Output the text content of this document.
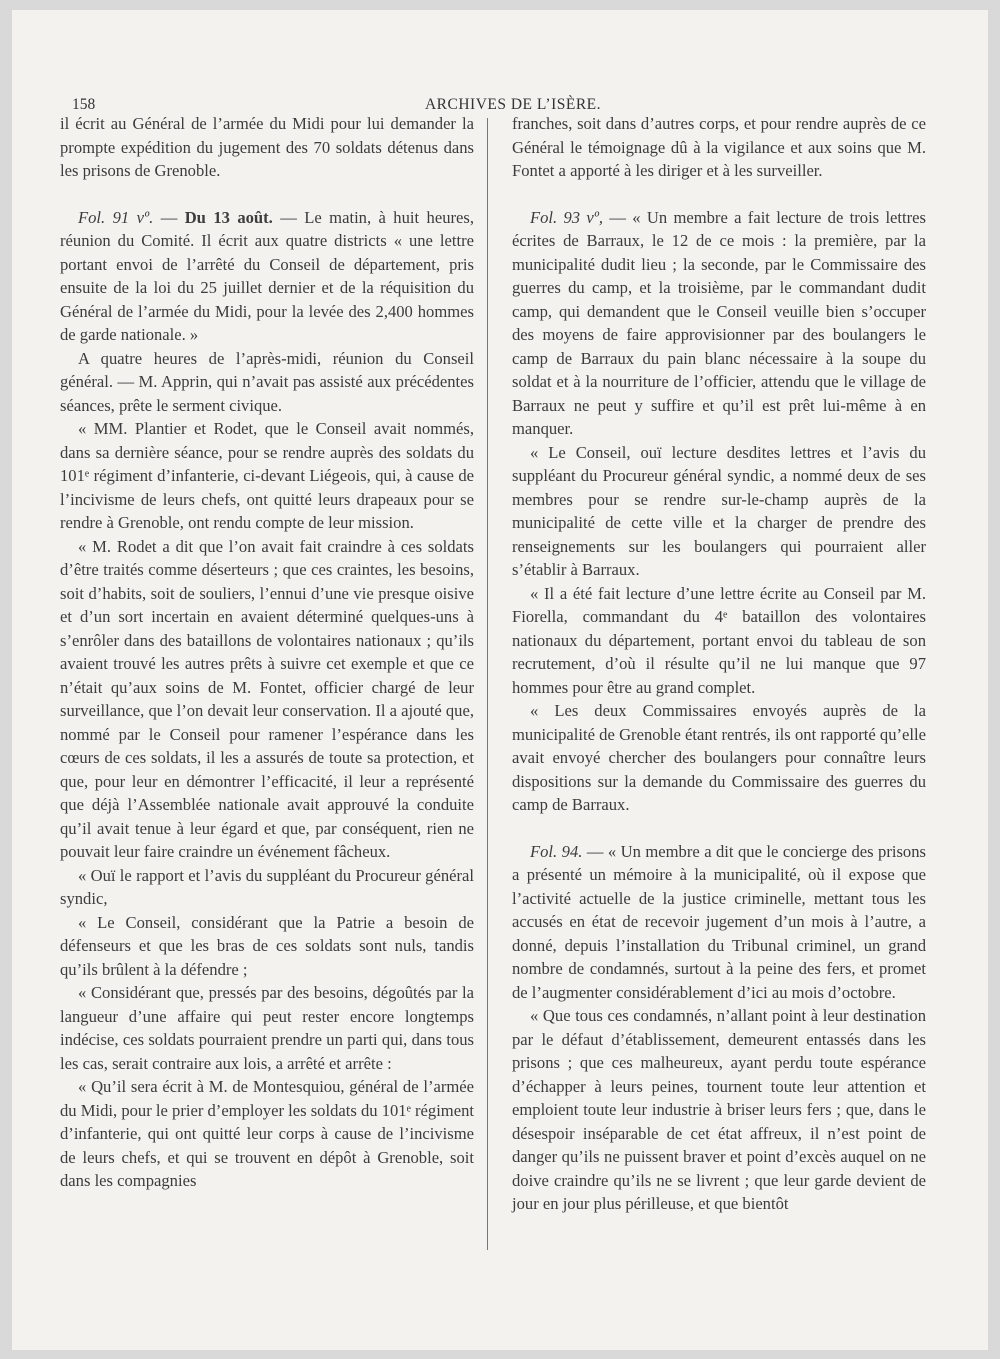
158	ARCHIVES DE L’ISÈRE.

il écrit au Général de l’armée du Midi pour lui demander la prompte expédition du jugement des 70 soldats détenus dans les prisons de Grenoble.

Fol. 91 vº. — Du 13 août. — Le matin, à huit heures, réunion du Comité. Il écrit aux quatre districts « une lettre portant envoi de l’arrêté du Conseil de département, pris ensuite de la loi du 25 juillet dernier et de la réquisition du Général de l’armée du Midi, pour la levée des 2,400 hommes de garde nationale. »

A quatre heures de l’après-midi, réunion du Conseil général. — M. Apprin, qui n’avait pas assisté aux précédentes séances, prête le serment civique.

« MM. Plantier et Rodet, que le Conseil avait nommés, dans sa dernière séance, pour se rendre auprès des soldats du 101ᵉ régiment d’infanterie, ci-devant Liégeois, qui, à cause de l’incivisme de leurs chefs, ont quitté leurs drapeaux pour se rendre à Grenoble, ont rendu compte de leur mission.

« M. Rodet a dit que l’on avait fait craindre à ces soldats d’être traités comme déserteurs ; que ces craintes, les besoins, soit d’habits, soit de souliers, l’ennui d’une vie presque oisive et d’un sort incertain en avaient déterminé quelques-uns à s’enrôler dans des bataillons de volontaires nationaux ; qu’ils avaient trouvé les autres prêts à suivre cet exemple et que ce n’était qu’aux soins de M. Fontet, officier chargé de leur surveillance, que l’on devait leur conservation. Il a ajouté que, nommé par le Conseil pour ramener l’espérance dans les cœurs de ces soldats, il les a assurés de toute sa protection, et que, pour leur en démontrer l’efficacité, il leur a représenté que déjà l’Assemblée nationale avait approuvé la conduite qu’il avait tenue à leur égard et que, par conséquent, rien ne pouvait leur faire craindre un événement fâcheux.

« Ouï le rapport et l’avis du suppléant du Procureur général syndic,

« Le Conseil, considérant que la Patrie a besoin de défenseurs et que les bras de ces soldats sont nuls, tandis qu’ils brûlent à la défendre ;

« Considérant que, pressés par des besoins, dégoûtés par la langueur d’une affaire qui peut rester encore longtemps indécise, ces soldats pourraient prendre un parti qui, dans tous les cas, serait contraire aux lois, a arrêté et arrête :

« Qu’il sera écrit à M. de Montesquiou, général de l’armée du Midi, pour le prier d’employer les soldats du 101ᵉ régiment d’infanterie, qui ont quitté leur corps à cause de l’incivisme de leurs chefs, et qui se trouvent en dépôt à Grenoble, soit dans les compagnies

franches, soit dans d’autres corps, et pour rendre auprès de ce Général le témoignage dû à la vigilance et aux soins que M. Fontet a apporté à les diriger et à les surveiller.

Fol. 93 vº, — « Un membre a fait lecture de trois lettres écrites de Barraux, le 12 de ce mois : la première, par la municipalité dudit lieu ; la seconde, par le Commissaire des guerres du camp, et la troisième, par le commandant dudit camp, qui demandent que le Conseil veuille bien s’occuper des moyens de faire approvisionner par des boulangers le camp de Barraux du pain blanc nécessaire à la soupe du soldat et à la nourriture de l’officier, attendu que le village de Barraux ne peut y suffire et qu’il est prêt lui-même à en manquer.

« Le Conseil, ouï lecture desdites lettres et l’avis du suppléant du Procureur général syndic, a nommé deux de ses membres pour se rendre sur-le-champ auprès de la municipalité de cette ville et la charger de prendre des renseignements sur les boulangers qui pourraient aller s’établir à Barraux.

« Il a été fait lecture d’une lettre écrite au Conseil par M. Fiorella, commandant du 4ᵉ bataillon des volontaires nationaux du département, portant envoi du tableau de son recrutement, d’où il résulte qu’il ne lui manque que 97 hommes pour être au grand complet.

« Les deux Commissaires envoyés auprès de la municipalité de Grenoble étant rentrés, ils ont rapporté qu’elle avait envoyé chercher des boulangers pour connaître leurs dispositions sur la demande du Commissaire des guerres du camp de Barraux.

Fol. 94. — « Un membre a dit que le concierge des prisons a présenté un mémoire à la municipalité, où il expose que l’activité actuelle de la justice criminelle, mettant tous les accusés en état de recevoir jugement d’un mois à l’autre, a donné, depuis l’installation du Tribunal criminel, un grand nombre de condamnés, surtout à la peine des fers, et promet de l’augmenter considérablement d’ici au mois d’octobre.

« Que tous ces condamnés, n’allant point à leur destination par le défaut d’établissement, demeurent entassés dans les prisons ; que ces malheureux, ayant perdu toute espérance d’échapper à leurs peines, tournent toute leur attention et emploient toute leur industrie à briser leurs fers ; que, dans le désespoir inséparable de cet état affreux, il n’est point de danger qu’ils ne puissent braver et point d’excès auquel on ne doive craindre qu’ils ne se livrent ; que leur garde devient de jour en jour plus périlleuse, et que bientôt
